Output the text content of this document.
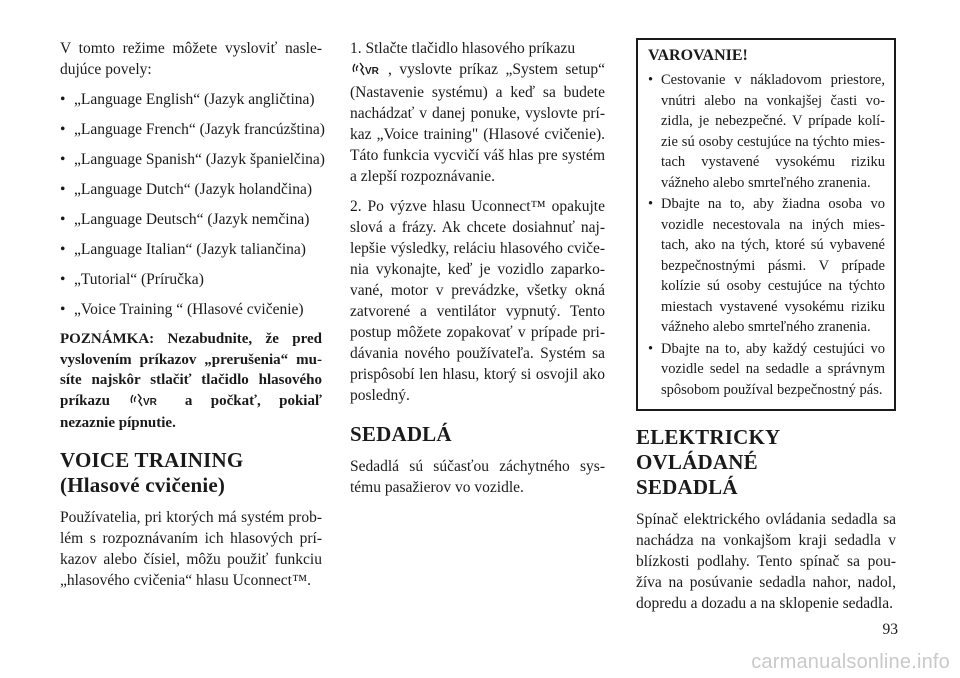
V tomto režime môžete vysloviť nasle-dujúce povely:

• „Language English“ (Jazyk angličtina)
• „Language French“ (Jazyk francúzština)
• „Language Spanish“ (Jazyk španielčina)
• „Language Dutch“ (Jazyk holandčina)
• „Language Deutsch“ (Jazyk nemčina)
• „Language Italian“ (Jazyk taliančina)
• „Tutorial“ (Príručka)
• „Voice Training “ (Hlasové cvičenie)
POZNÁMKA: Nezabudnite, že pred vyslovením príkazov „prerušenia“ mu-síte najskôr stlačiť tlačidlo hlasového príkazu	VR a počkať, pokiaľ nezaznie pípnutie.
VOICE TRAINING
(Hlasové cvičenie)

Používatelia, pri ktorých má systém prob-lém s rozpoznávaním ich hlasových prí-kazov alebo čísiel, môžu použiť funkciu „hlasového cvičenia“ hlasu Uconnect™.

1. Stlačte tlačidlo hlasového príkazu

VR , vyslovte príkaz „System setup“ (Nastavenie systému) a keď sa budete nachádzať v danej ponuke, vyslovte prí-kaz „Voice training" (Hlasové cvičenie). Táto funkcia vycvičí váš hlas pre systém a zlepší rozpoznávanie.

2. Po výzve hlasu Uconnect™ opakujte slová a frázy. Ak chcete dosiahnuť naj-lepšie výsledky, reláciu hlasového cviče-nia vykonajte, keď je vozidlo zaparko-vané, motor v prevádzke, všetky okná zatvorené a ventilátor vypnutý. Tento postup môžete zopakovať v prípade pri-dávania nového používateľa. Systém sa prispôsobí len hlasu, ktorý si osvojil ako posledný.

SEDADLÁ

Sedadlá sú súčasťou záchytného sys-tému pasažierov vo vozidle.

VAROVANIE!
• Cestovanie v nákladovom priestore, vnútri alebo na vonkajšej časti vo-zidla, je nebezpečné. V prípade kolí-zie sú osoby cestujúce na týchto mies-tach vystavené vysokému riziku vážneho alebo smrteľného zranenia.
• Dbajte na to, aby žiadna osoba vo vozidle necestovala na iných mies-tach, ako na tých, ktoré sú vybavené bezpečnostnými pásmi. V prípade kolízie sú osoby cestujúce na týchto miestach vystavené vysokému riziku vážneho alebo smrteľného zranenia.
• Dbajte na to, aby každý cestujúci vo vozidle sedel na sedadle a správnym spôsobom používal bezpečnostný pás.
ELEKTRICKY OVLÁDANÉ
SEDADLÁ

Spínač elektrického ovládania sedadla sa nachádza na vonkajšom kraji sedadla v blízkosti podlahy. Tento spínač sa pou-žíva na posúvanie sedadla nahor, nadol, dopredu a dozadu a na sklopenie sedadla.

93
carmanualsonline.info
